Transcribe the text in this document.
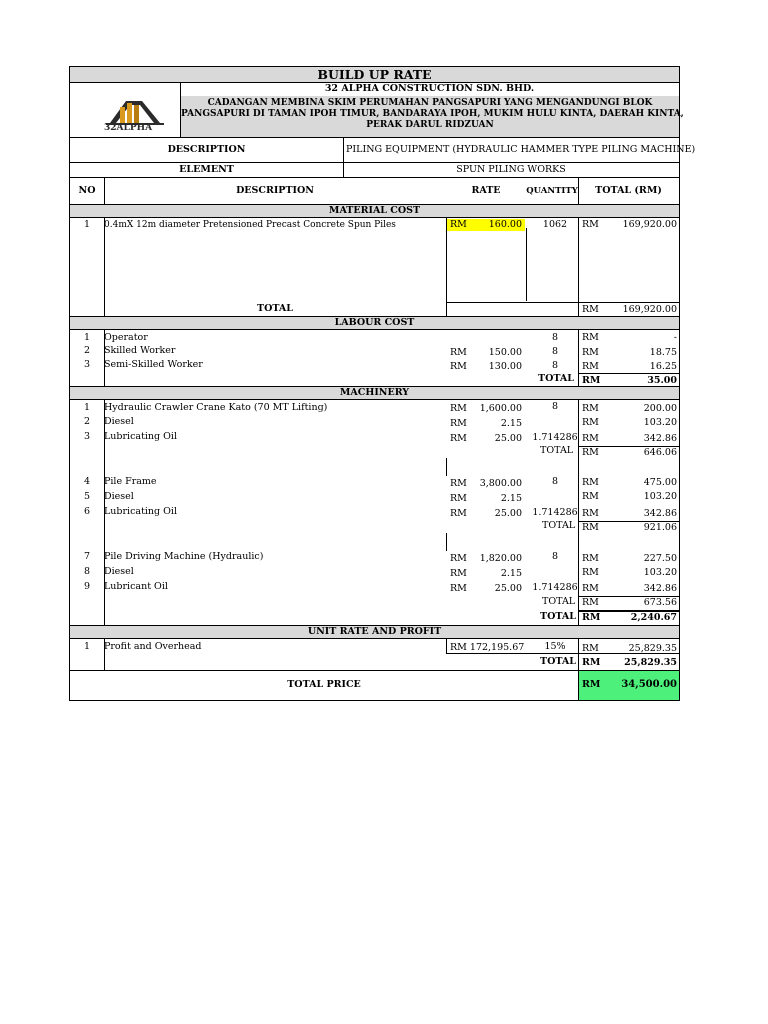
BUILD UP RATE
32 ALPHA CONSTRUCTION SDN. BHD.
CADANGAN MEMBINA SKIM PERUMAHAN PANGSAPURI YANG MENGANDUNGI BLOK
PANGSAPURI DI TAMAN IPOH TIMUR, BANDARAYA IPOH, MUKIM HULU KINTA, DAERAH KINTA,
PERAK DARUL RIDZUAN
32ALPHA
DESCRIPTION	PILING EQUIPMENT (HYDRAULIC HAMMER TYPE PILING MACHINE)
ELEMENT	SPUN PILING WORKS
NO	DESCRIPTION	RATE	QUANTITY	TOTAL (RM)
MATERIAL COST
1	0.4mX 12m diameter Pretensioned Precast Concrete Spun Piles	RM	160.00	1062	RM	169,920.00
TOTAL	RM	169,920.00
LABOUR COST
1	Operator	8	RM	-
2	Skilled Worker	RM	150.00	8	RM	18.75
3	Semi-Skilled Worker	RM	130.00	8	RM	16.25
TOTAL RM	35.00
MACHINERY
1	Hydraulic Crawler Crane Kato (70 MT Lifting)	RM	1,600.00	8	RM	200.00
2	Diesel	RM	2.15	RM	103.20
3	Lubricating Oil	RM	25.00	1.714286 RM	342.86
TOTAL RM	646.06
4	Pile Frame	RM	3,800.00	8	RM	475.00
5	Diesel	RM	2.15	RM	103.20
6	Lubricating Oil	RM	25.00	1.714286 RM	342.86
TOTAL RM	921.06
7	Pile Driving Machine (Hydraulic)	RM	1,820.00	8	RM	227.50
8	Diesel	RM	2.15	RM	103.20
9	Lubricant Oil	RM	25.00	1.714286 RM	342.86
TOTAL RM	673.56
TOTAL RM	2,240.67
UNIT RATE AND PROFIT
1	Profit and Overhead	RM 172,195.67	15%	RM	25,829.35
TOTAL RM	25,829.35
TOTAL PRICE	RM	34,500.00
